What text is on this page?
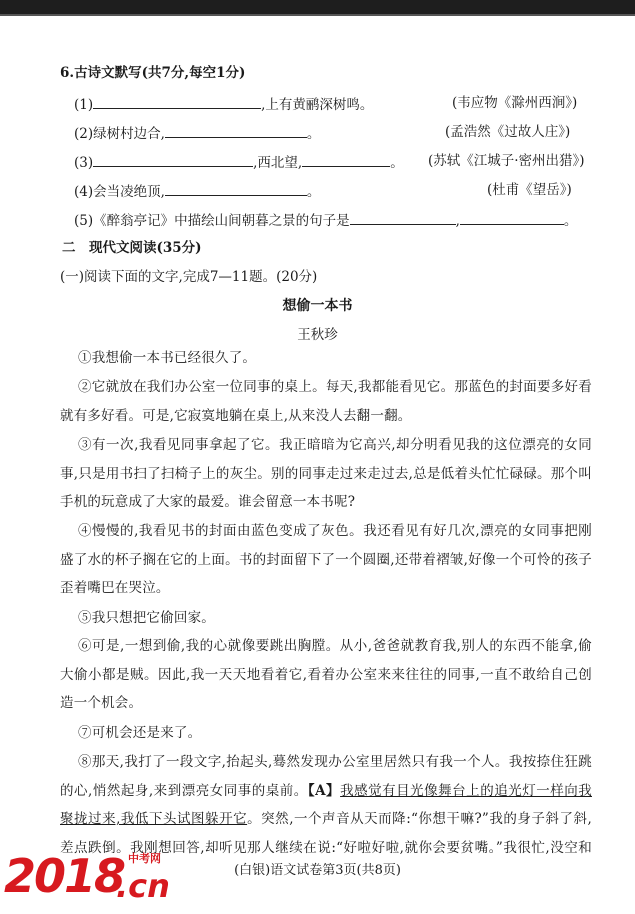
6.古诗文默写(共7分,每空1分)
(1)	,上有黄鹂深树鸣。	(韦应物《滁州西涧》)
(2)绿树村边合,	。	(孟浩然《过故人庄》)
(3)	,西北望,	。 (苏轼《江城子·密州出猎》)
(4)会当凌绝顶,	。	(杜甫《望岳》)
(5)《醉翁亭记》中描绘山间朝暮之景的句子是	,	。
二　现代文阅读(35分)
(一)阅读下面的文字,完成7—11题。(20分)
想偷一本书
王秋珍
①我想偷一本书已经很久了。
②它就放在我们办公室一位同事的桌上。每天,我都能看见它。那蓝色的封面要多好看就有多好看。可是,它寂寞地躺在桌上,从来没人去翻一翻。
③有一次,我看见同事拿起了它。我正暗暗为它高兴,却分明看见我的这位漂亮的女同事,只是用书扫了扫椅子上的灰尘。别的同事走过来走过去,总是低着头忙忙碌碌。那个叫手机的玩意成了大家的最爱。谁会留意一本书呢?
④慢慢的,我看见书的封面由蓝色变成了灰色。我还看见有好几次,漂亮的女同事把刚盛了水的杯子搁在它的上面。书的封面留下了一个圆圈,还带着褶皱,好像一个可怜的孩子歪着嘴巴在哭泣。
⑤我只想把它偷回家。
⑥可是,一想到偷,我的心就像要跳出胸膛。从小,爸爸就教育我,别人的东西不能拿,偷大偷小都是贼。因此,我一天天地看着它,看着办公室来来往往的同事,一直不敢给自己创造一个机会。
⑦可机会还是来了。
⑧那天,我打了一段文字,抬起头,蓦然发现办公室里居然只有我一个人。我按捺住狂跳的心,悄然起身,来到漂亮女同事的桌前。【A】我感觉有目光像舞台上的追光灯一样向我聚拢过来,我低下头试图躲开它。突然,一个声音从天而降:“你想干嘛?”我的身子斜了斜,差点跌倒。我刚想回答,却听见那人继续在说:“好啦好啦,就你会要贫嘴。”我很忙,没空和
(白银)语文试卷第3页(共8页)
2018 中考网
.cn
